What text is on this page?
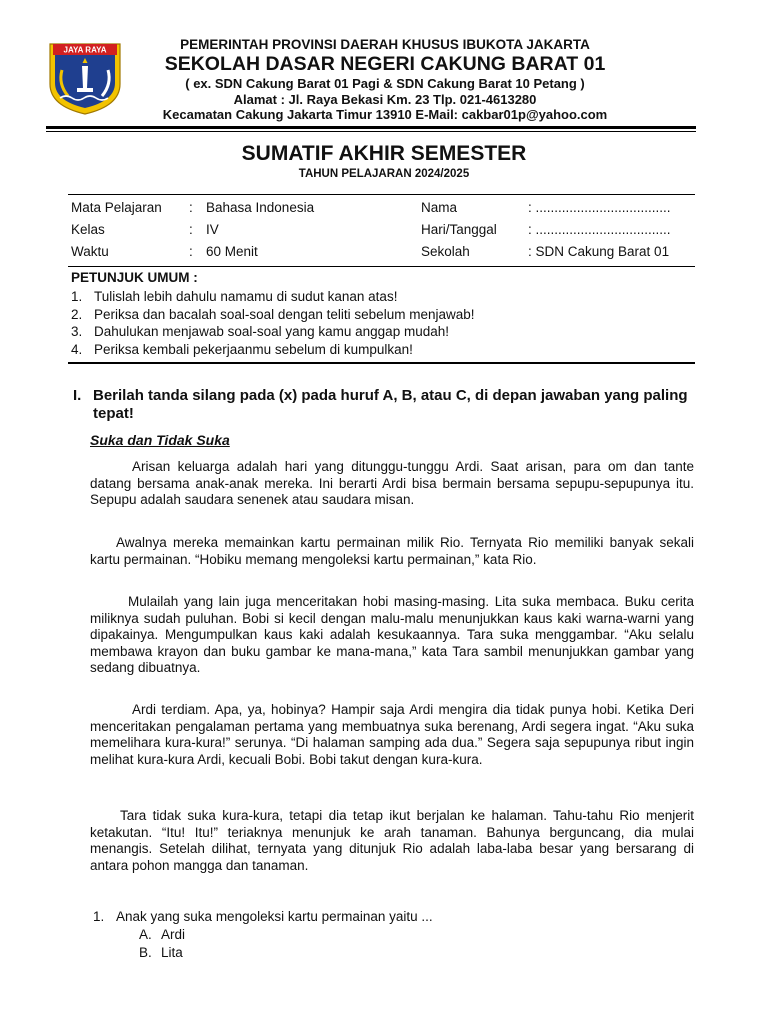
JAYA RAYA	PEMERINTAH PROVINSI DAERAH KHUSUS IBUKOTA JAKARTA
SEKOLAH DASAR NEGERI CAKUNG BARAT 01
( ex. SDN Cakung Barat 01 Pagi & SDN Cakung Barat 10 Petang )
Alamat : Jl. Raya Bekasi Km. 23 Tlp. 021-4613280
Kecamatan Cakung Jakarta Timur 13910 E-Mail: cakbar01p@yahoo.com
SUMATIF AKHIR SEMESTER
TAHUN PELAJARAN 2024/2025
Mata Pelajaran : Bahasa Indonesia	Nama	: ....................................
Kelas	: IV	Hari/Tanggal : ....................................
Waktu	: 60 Menit	Sekolah	: SDN Cakung Barat 01
PETUNJUK UMUM :
1. Tulislah lebih dahulu namamu di sudut kanan atas!
2. Periksa dan bacalah soal-soal dengan teliti sebelum menjawab!
3. Dahulukan menjawab soal-soal yang kamu anggap mudah!
4. Periksa kembali pekerjaanmu sebelum di kumpulkan!
I. Berilah tanda silang pada (x) pada huruf A, B, atau C, di depan jawaban yang paling tepat!
Suka dan Tidak Suka

Arisan keluarga adalah hari yang ditunggu-tunggu Ardi. Saat arisan, para om dan tante datang bersama anak-anak mereka. Ini berarti Ardi bisa bermain bersama sepupu-sepupunya itu. Sepupu adalah saudara senenek atau saudara misan.

Awalnya mereka memainkan kartu permainan milik Rio. Ternyata Rio memiliki banyak sekali kartu permainan. “Hobiku memang mengoleksi kartu permainan,” kata Rio.

Mulailah yang lain juga menceritakan hobi masing-masing. Lita suka membaca. Buku cerita miliknya sudah puluhan. Bobi si kecil dengan malu-malu menunjukkan kaus kaki warna-warni yang dipakainya. Mengumpulkan kaus kaki adalah kesukaannya. Tara suka menggambar. “Aku selalu membawa krayon dan buku gambar ke mana-mana,” kata Tara sambil menunjukkan gambar yang sedang dibuatnya.

Ardi terdiam. Apa, ya, hobinya? Hampir saja Ardi mengira dia tidak punya hobi. Ketika Deri menceritakan pengalaman pertama yang membuatnya suka berenang, Ardi segera ingat. “Aku suka memelihara kura-kura!” serunya. “Di halaman samping ada dua.” Segera saja sepupunya ribut ingin melihat kura-kura Ardi, kecuali Bobi. Bobi takut dengan kura-kura.

Tara tidak suka kura-kura, tetapi dia tetap ikut berjalan ke halaman. Tahu-tahu Rio menjerit ketakutan. “Itu! Itu!” teriaknya menunjuk ke arah tanaman. Bahunya berguncang, dia mulai menangis. Setelah dilihat, ternyata yang ditunjuk Rio adalah laba-laba besar yang bersarang di antara pohon mangga dan tanaman.

1. Anak yang suka mengoleksi kartu permainan yaitu ...
A. Ardi
B. Lita
